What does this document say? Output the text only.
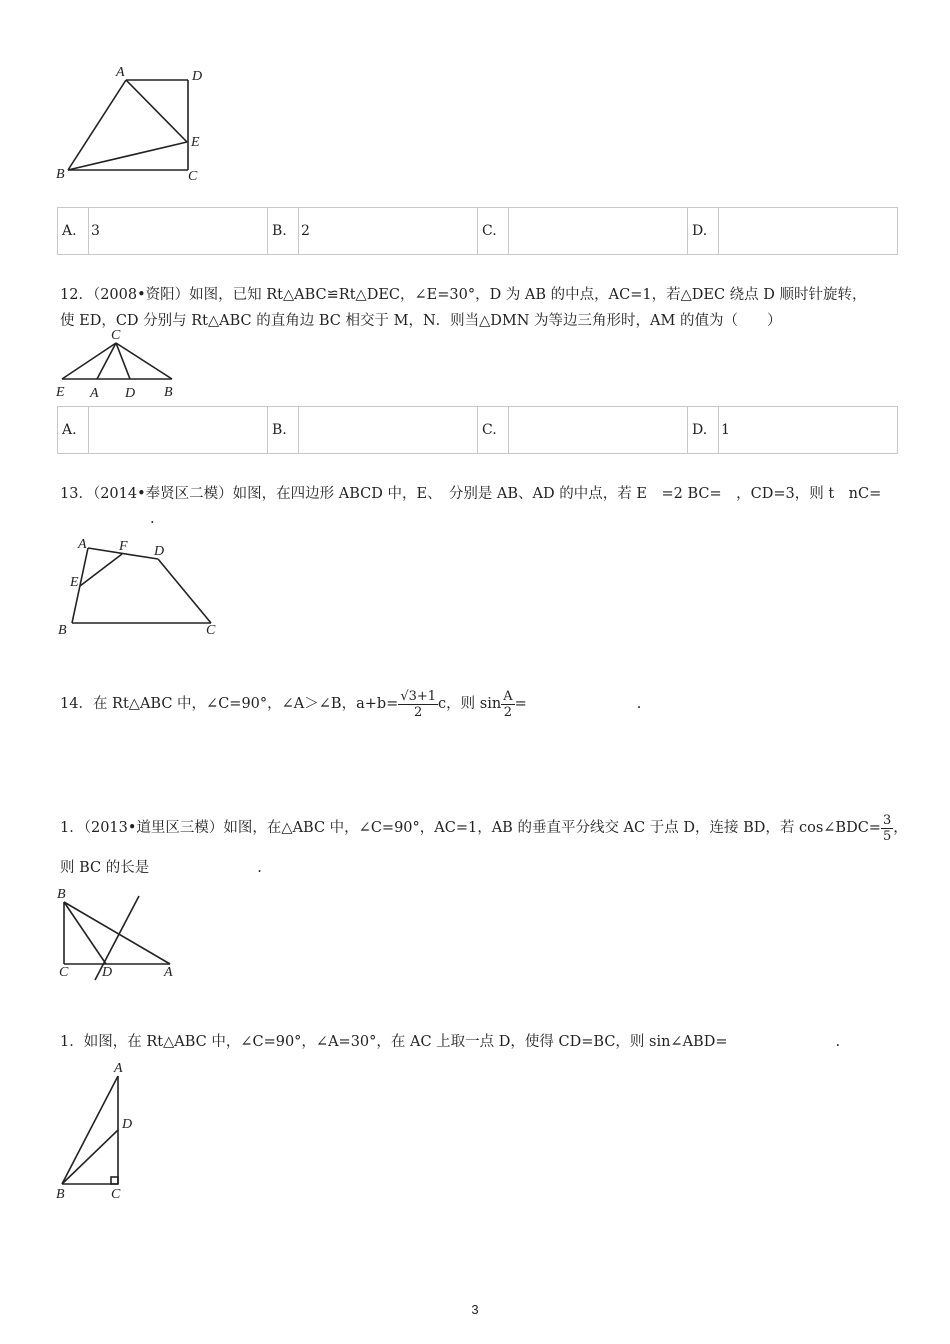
A	D
E
B	C
A.	3	B.	2	C.		D.	
12．（2008•资阳）如图，已知 Rt△ABC≌Rt△DEC，∠E=30°，D 为 AB 的中点，AC=1，若△DEC 绕点 D 顺时针旋转，
使 ED，CD 分别与 Rt△ABC 的直角边 BC 相交于 M，N．则当△DMN 为等边三角形时，AM 的值为（　　）
C
E A D B
A.		B.		C.		D.	1
13．（2014•奉贤区二模）如图，在四边形 ABCD 中，E、　分别是 AB、AD 的中点，若 E　=2 BC=　，CD=3，则 t　nC=
.
A F D
E
B	C
14．在 Rt△ABC 中，∠C=90°，∠A＞∠B，$a+b= \frac{√3+1}{2}$ c，则 $\sin \frac{A}{2}$ =	.
1．（2013•道里区三模）如图，在△ABC 中，∠C=90°，AC=1，AB 的垂直平分线交 AC 于点 D，连接 BD，若 cos∠BDC= $\frac{3}{5}$ ，
则 BC 的长是	.
B
C D	A
1．如图，在 Rt△ABC 中，∠C=90°，∠A=30°，在 AC 上取一点 D，使得 CD=BC，则 sin∠ABD=	.
A
D
B	C
3
